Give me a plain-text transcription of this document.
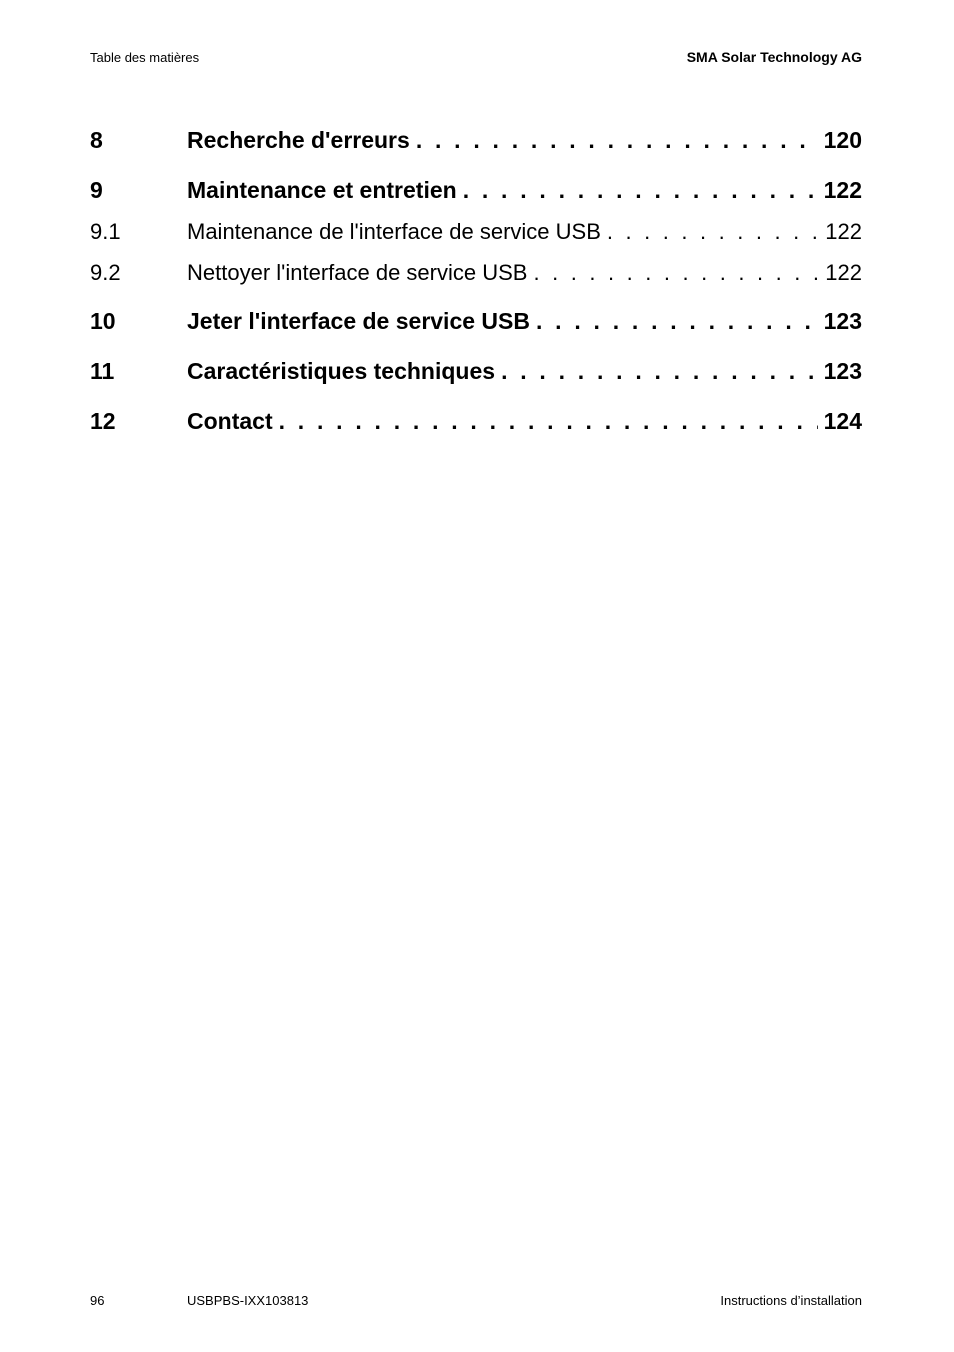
Table des matières	SMA Solar Technology AG
8	Recherche d'erreurs . . .	120
9	Maintenance et entretien . . .	122
9.1	Maintenance de l'interface de service USB . . .	122
9.2	Nettoyer l'interface de service USB . . .	122
10	Jeter l'interface de service USB . . .	123
11	Caractéristiques techniques . . .	123
12	Contact . . .	124
96	USBPBS-IXX103813	Instructions d’installation
